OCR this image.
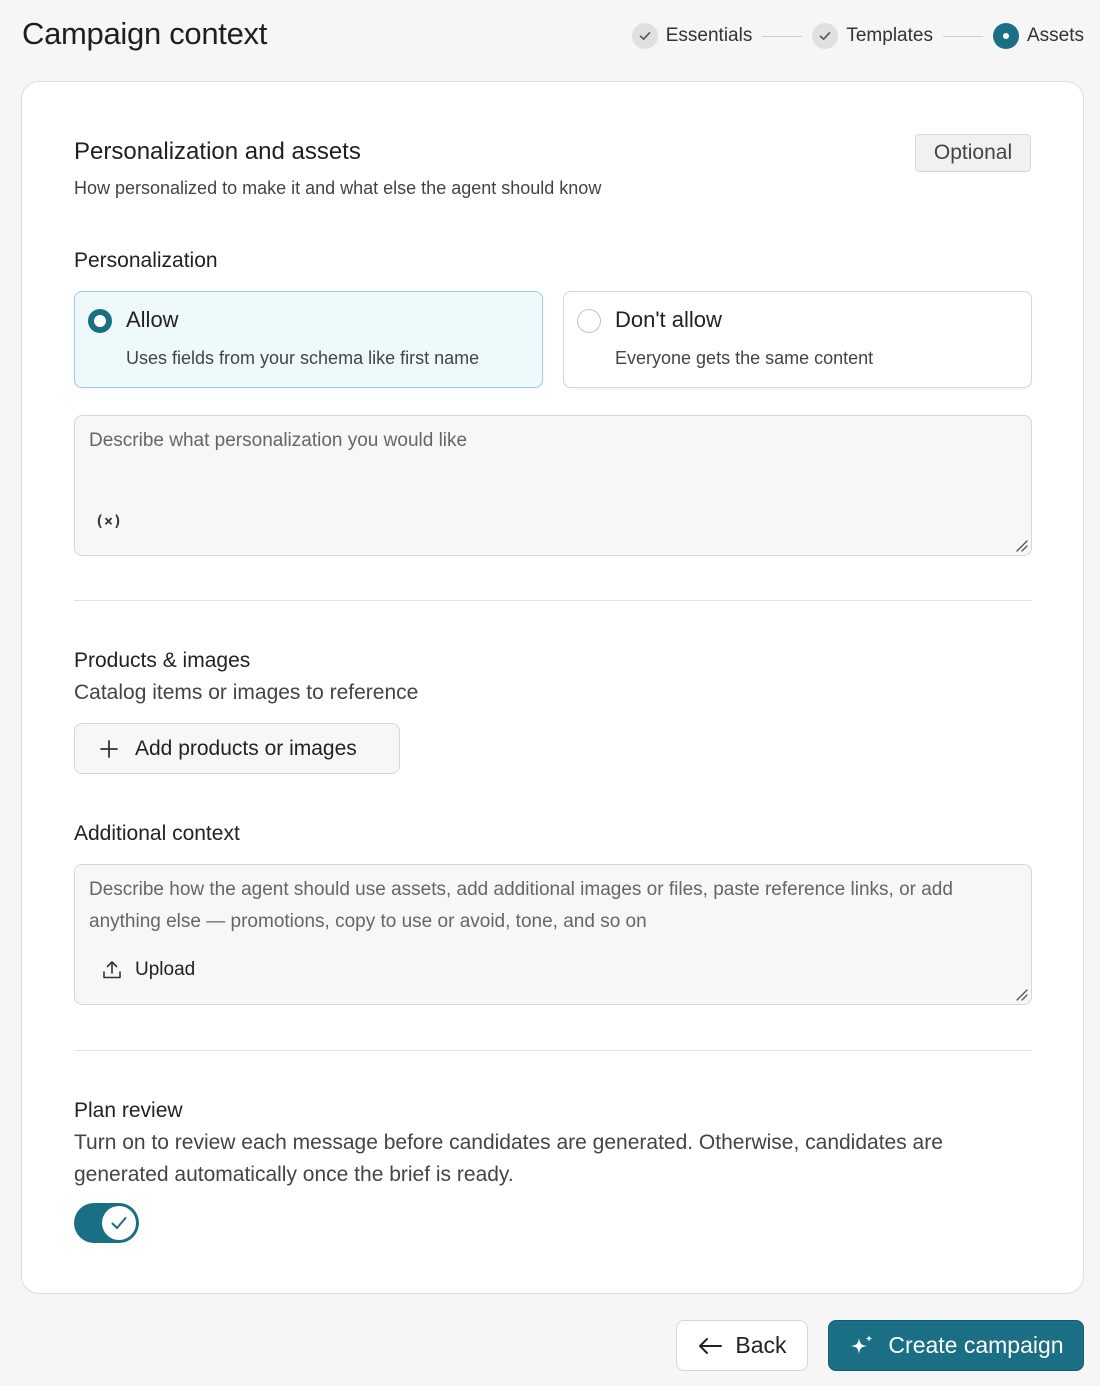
Campaign context	Essentials	Templates	Assets
Personalization and assets
How personalized to make it and what else the agent should know
Optional
Personalization
Allow
Uses fields from your schema like first name
Don't allow
Everyone gets the same content
Describe what personalization you would like
(×)
Products & images
Catalog items or images to reference
Add products or images
Additional context
Describe how the agent should use assets, add additional images or files, paste reference links, or add anything else — promotions, copy to use or avoid, tone, and so on
Upload
Plan review
Turn on to review each message before candidates are generated. Otherwise, candidates are generated automatically once the brief is ready.
Back	Create campaign
